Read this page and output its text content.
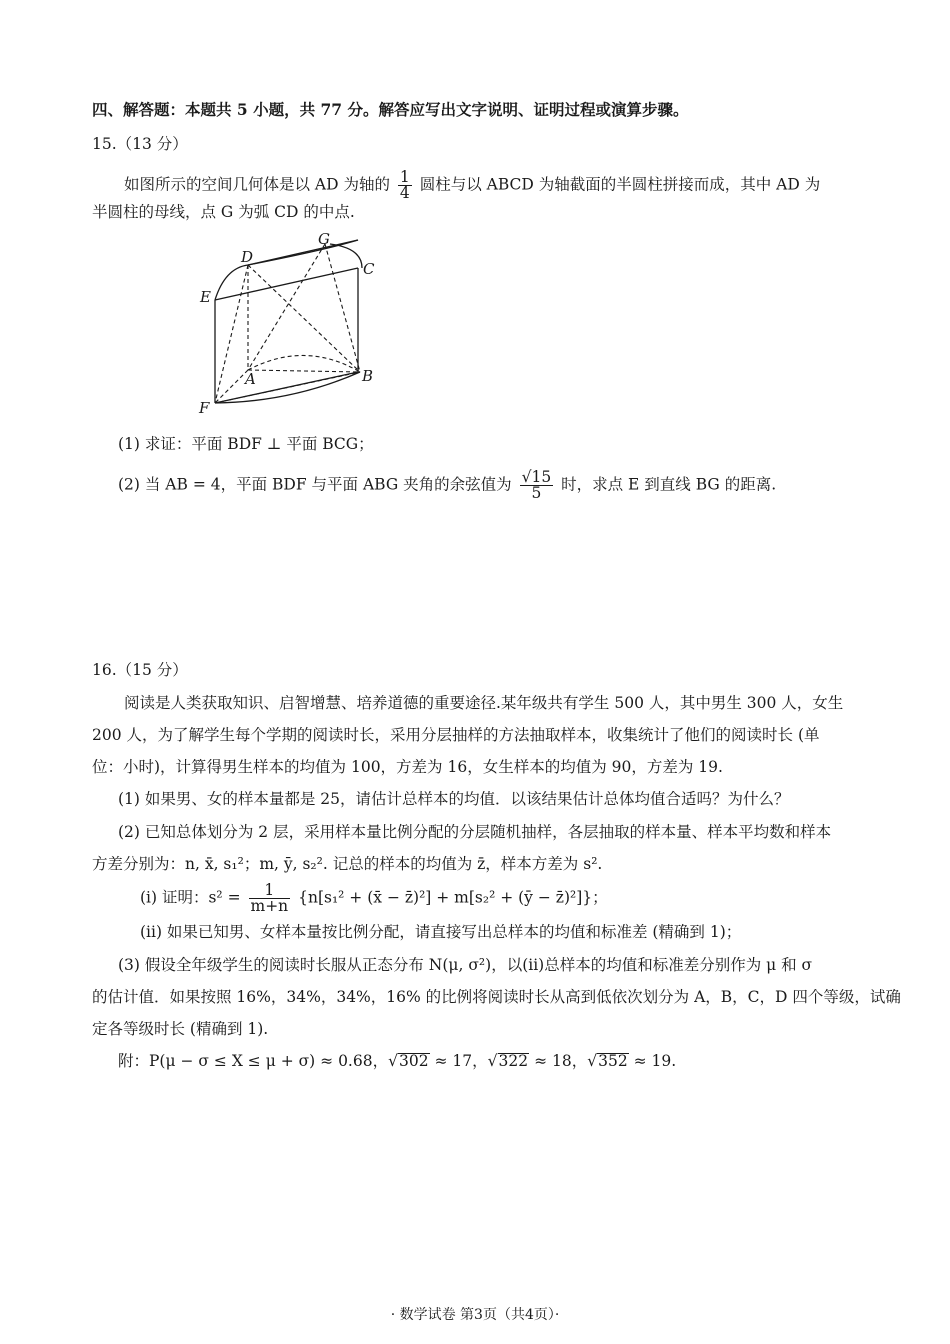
四、解答题：本题共 5 小题，共 77 分。解答应写出文字说明、证明过程或演算步骤。
15.（13 分）
如图所示的空间几何体是以 AD 为轴的 $\frac{1}{4}$ 圆柱与以 ABCD 为轴截面的半圆柱拼接而成，其中 AD 为
半圆柱的母线，点 G 为弧 CD 的中点.
D
G
C
E
A	B
F
(1) 求证：平面 BDF ⊥ 平面 BCG；
(2) 当 AB = 4，平面 BDF 与平面 ABG 夹角的余弦值为 $\frac{√15}{5}$ 时，求点 E 到直线 BG 的距离.
16.（15 分）
阅读是人类获取知识、启智增慧、培养道德的重要途径.某年级共有学生 500 人，其中男生 300 人，女生
200 人，为了解学生每个学期的阅读时长，采用分层抽样的方法抽取样本，收集统计了他们的阅读时长 (单
位：小时)，计算得男生样本的均值为 100，方差为 16，女生样本的均值为 90，方差为 19.
(1) 如果男、女的样本量都是 25，请估计总样本的均值．以该结果估计总体均值合适吗？为什么？
(2) 已知总体划分为 2 层，采用样本量比例分配的分层随机抽样，各层抽取的样本量、样本平均数和样本
方差分别为：n, x̄, s₁²；m, ȳ, s₂². 记总的样本的均值为 z̄，样本方差为 s².
(i) 证明：$s^2 = \frac{1}{m+n} \{n[s_1^2$ + (x̄ − z̄)²] + m[s₂² + (ȳ − z̄)²]}；
(ii) 如果已知男、女样本量按比例分配，请直接写出总样本的均值和标准差 (精确到 1)；
(3) 假设全年级学生的阅读时长服从正态分布 N(μ, σ²)，以(ii)总样本的均值和标准差分别作为 μ 和 σ
的估计值．如果按照 16%，34%，34%，16% 的比例将阅读时长从高到低依次划分为 A，B，C，D 四个等级，试确
定各等级时长 (精确到 1).
附：P(μ − σ ≤ X ≤ μ + σ) ≈ 0.68，√302 ≈ 17，√322 ≈ 18，√352 ≈ 19.
· 数学试卷 第3页（共4页）·
